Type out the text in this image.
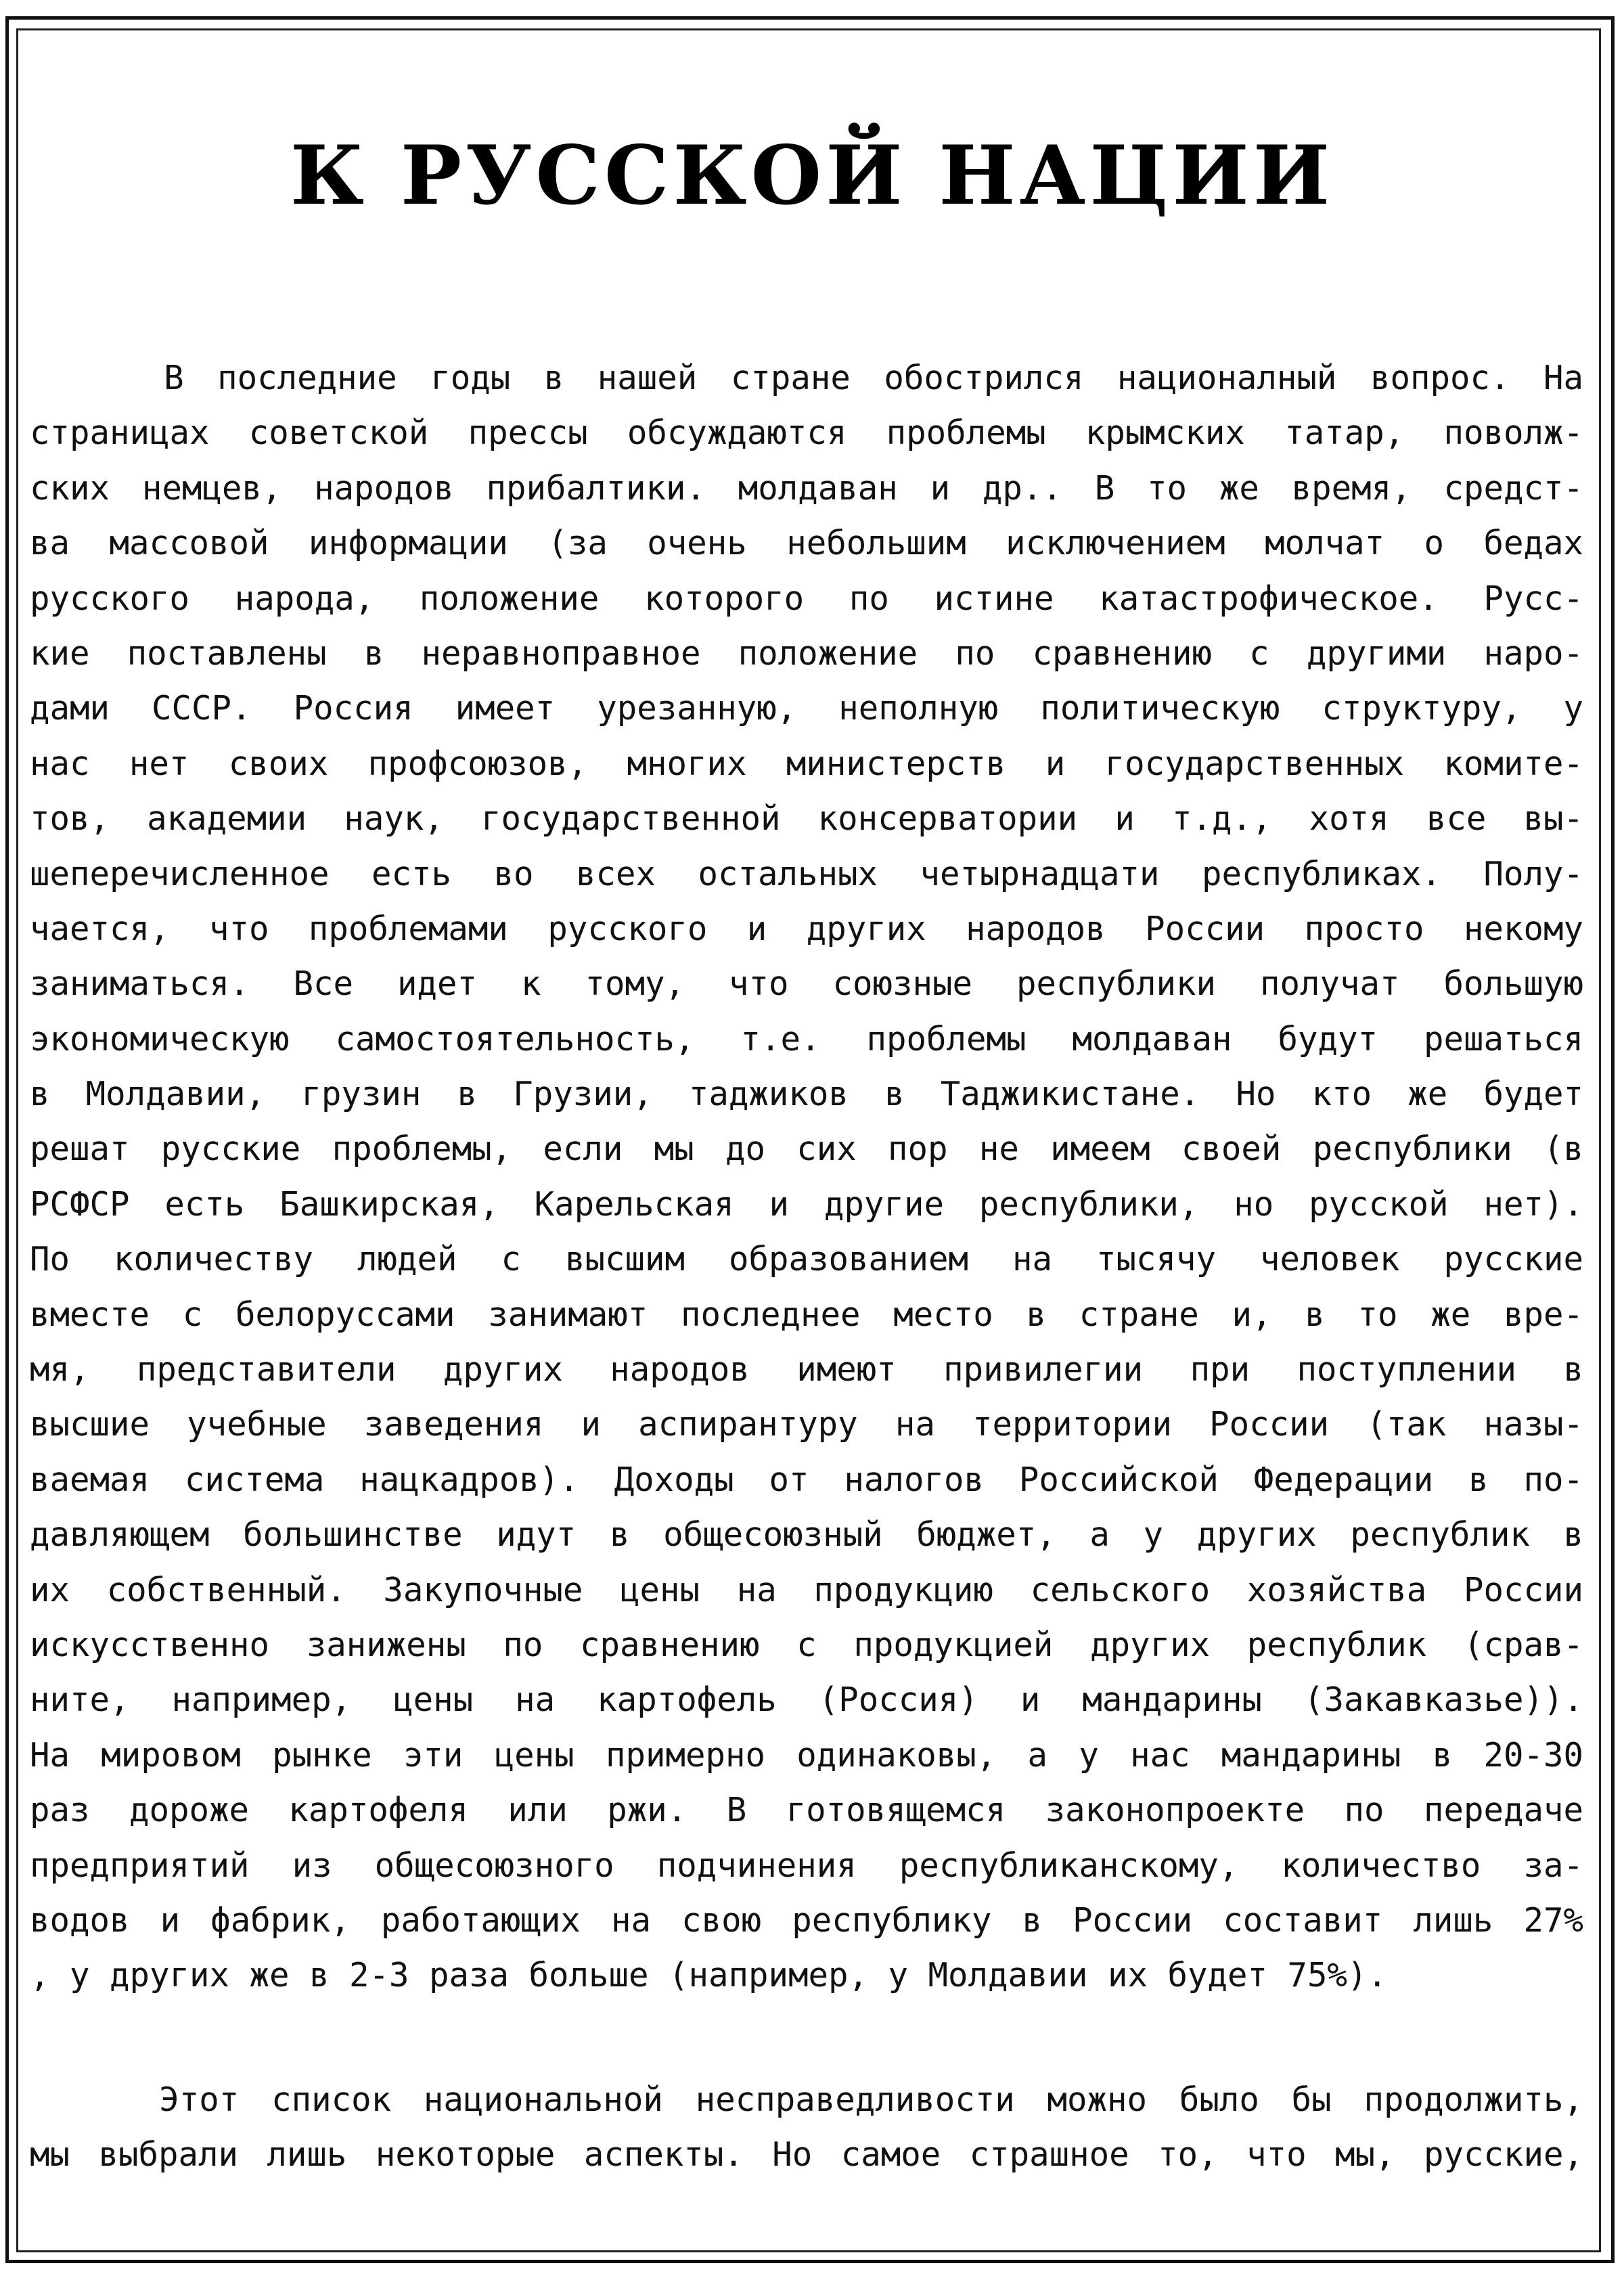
К РУССКОЙ НАЦИИ
В последние годы в нашей стране обострился националный вопрос. На
страницах советской прессы обсуждаются проблемы крымских татар, поволж-
ских немцев, народов прибалтики. молдаван и др.. В то же время, средст-
ва массовой информации (за очень небольшим исключением молчат о бедах
русского народа, положение которого по истине катастрофическое. Русс-
кие поставлены в неравноправное положение по сравнению с другими наро-
дами СССР. Россия имеет урезанную, неполную политическую структуру, у
нас нет своих профсоюзов, многих министерств и государственных комите-
тов, академии наук, государственной консерватории и т.д., хотя все вы-
шеперечисленное есть во всех остальных четырнадцати республиках. Полу-
чается, что проблемами русского и других народов России просто некому
заниматься. Все идет к тому, что союзные республики получат большую
экономическую самостоятельность, т.е. проблемы молдаван будут решаться
в Молдавии, грузин в Грузии, таджиков в Таджикистане. Но кто же будет
решат русские проблемы, если мы до сих пор не имеем своей республики (в
РСФСР есть Башкирская, Карельская и другие республики, но русской нет).
По количеству людей с высшим образованием на тысячу человек русские
вместе с белоруссами занимают последнее место в стране и, в то же вре-
мя, представители других народов имеют привилегии при поступлении в
высшие учебные заведения и аспирантуру на территории России (так назы-
ваемая система нацкадров). Доходы от налогов Российской Федерации в по-
давляющем большинстве идут в общесоюзный бюджет, а у других республик в
их собственный. Закупочные цены на продукцию сельского хозяйства России
искусственно занижены по сравнению с продукцией других республик (срав-
ните, например, цены на картофель (Россия) и мандарины (Закавказье)).
На мировом рынке эти цены примерно одинаковы, а у нас мандарины в 20-30
раз дороже картофеля или ржи. В готовящемся законопроекте по передаче
предприятий из общесоюзного подчинения республиканскому, количество за-
водов и фабрик, работающих на свою республику в России составит лишь 27%
, у других же в 2-3 раза больше (например, у Молдавии их будет 75%).
Этот список национальной несправедливости можно было бы продолжить,
мы выбрали лишь некоторые аспекты. Но самое страшное то, что мы, русские,
